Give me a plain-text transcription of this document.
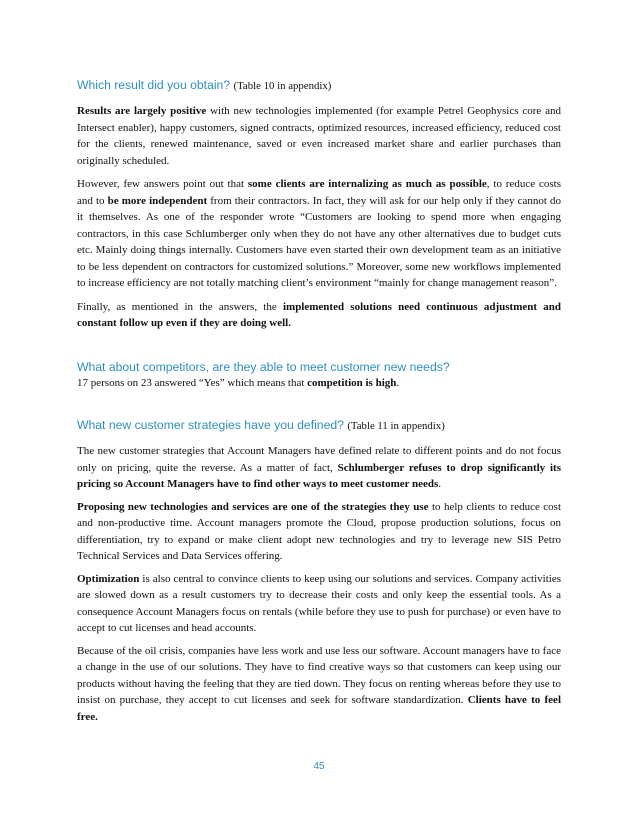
Which result did you obtain? (Table 10 in appendix)

Results are largely positive with new technologies implemented (for example Petrel Geophysics core and Intersect enabler), happy customers, signed contracts, optimized resources, increased efficiency, reduced cost for the clients, renewed maintenance, saved or even increased market share and earlier purchases than originally scheduled.

However, few answers point out that some clients are internalizing as much as possible, to reduce costs and to be more independent from their contractors. In fact, they will ask for our help only if they cannot do it themselves. As one of the responder wrote “Customers are looking to spend more when engaging contractors, in this case Schlumberger only when they do not have any other alternatives due to budget cuts etc. Mainly doing things internally. Customers have even started their own development team as an initiative to be less dependent on contractors for customized solutions.” Moreover, some new workflows implemented to increase efficiency are not totally matching client’s environment “mainly for change management reason”.

Finally, as mentioned in the answers, the implemented solutions need continuous adjustment and constant follow up even if they are doing well.

What about competitors, are they able to meet customer new needs?

17 persons on 23 answered “Yes” which means that competition is high.

What new customer strategies have you defined? (Table 11 in appendix)

The new customer strategies that Account Managers have defined relate to different points and do not focus only on pricing, quite the reverse. As a matter of fact, Schlumberger refuses to drop significantly its pricing so Account Managers have to find other ways to meet customer needs.

Proposing new technologies and services are one of the strategies they use to help clients to reduce cost and non-productive time. Account managers promote the Cloud, propose production solutions, focus on differentiation, try to expand or make client adopt new technologies and try to leverage new SIS Petro Technical Services and Data Services offering.

Optimization is also central to convince clients to keep using our solutions and services. Company activities are slowed down as a result customers try to decrease their costs and only keep the essential tools. As a consequence Account Managers focus on rentals (while before they use to push for purchase) or even have to accept to cut licenses and head accounts.

Because of the oil crisis, companies have less work and use less our software. Account managers have to face a change in the use of our solutions. They have to find creative ways so that customers can keep using our products without having the feeling that they are tied down. They focus on renting whereas before they use to insist on purchase, they accept to cut licenses and seek for software standardization. Clients have to feel free.

45
